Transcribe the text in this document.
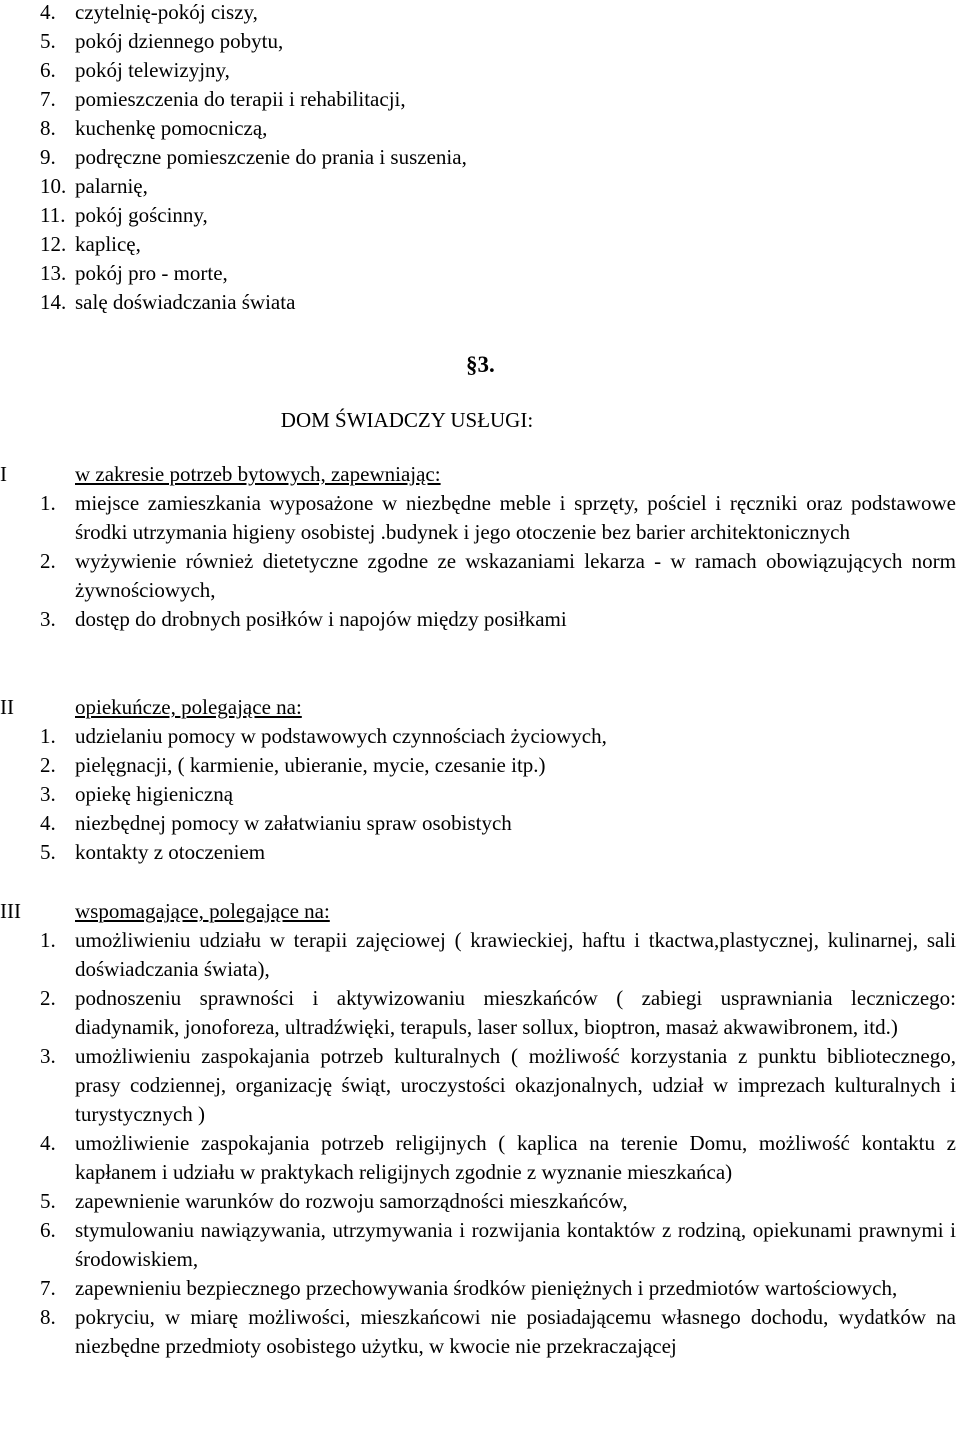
4. czytelnię-pokój ciszy,
5. pokój dziennego pobytu,
6. pokój telewizyjny,
7. pomieszczenia do terapii i rehabilitacji,
8. kuchenkę pomocniczą,
9. podręczne pomieszczenie do prania i suszenia,
10. palarnię,
11. pokój gościnny,
12. kaplicę,
13. pokój pro - morte,
14. salę doświadczania świata
§3.
DOM ŚWIADCZY USŁUGI:
I	w zakresie potrzeb bytowych, zapewniając:
1. miejsce zamieszkania wyposażone w niezbędne meble i sprzęty, pościel i ręczniki oraz podstawowe środki utrzymania higieny osobistej .budynek i jego otoczenie bez barier architektonicznych
2. wyżywienie również dietetyczne zgodne ze wskazaniami lekarza - w ramach obowiązujących norm żywnościowych,
3. dostęp do drobnych posiłków i napojów między posiłkami
II	opiekuńcze, polegające na:
1. udzielaniu pomocy w podstawowych czynnościach życiowych,
2. pielęgnacji, ( karmienie, ubieranie, mycie, czesanie itp.)
3. opiekę higieniczną
4. niezbędnej pomocy w załatwianiu spraw osobistych
5. kontakty z otoczeniem
III	wspomagające, polegające na:
1. umożliwieniu udziału w terapii zajęciowej ( krawieckiej, haftu i tkactwa,plastycznej, kulinarnej, sali doświadczania świata),
2. podnoszeniu sprawności i aktywizowaniu mieszkańców ( zabiegi usprawniania leczniczego: diadynamik, jonoforeza, ultradźwięki, terapuls, laser sollux, bioptron, masaż akwawibronem, itd.)
3. umożliwieniu zaspokajania potrzeb kulturalnych ( możliwość korzystania z punktu bibliotecznego, prasy codziennej, organizację świąt, uroczystości okazjonalnych, udział w imprezach kulturalnych i turystycznych )
4. umożliwienie zaspokajania potrzeb religijnych ( kaplica na terenie Domu, możliwość kontaktu z kapłanem i udziału w praktykach religijnych zgodnie z wyznanie mieszkańca)
5. zapewnienie warunków do rozwoju samorządności mieszkańców,
6. stymulowaniu nawiązywania, utrzymywania i rozwijania kontaktów z rodziną, opiekunami prawnymi i środowiskiem,
7. zapewnieniu bezpiecznego przechowywania środków pieniężnych i przedmiotów wartościowych,
8. pokryciu, w miarę możliwości, mieszkańcowi nie posiadającemu własnego dochodu, wydatków na niezbędne przedmioty osobistego użytku, w kwocie nie przekraczającej
